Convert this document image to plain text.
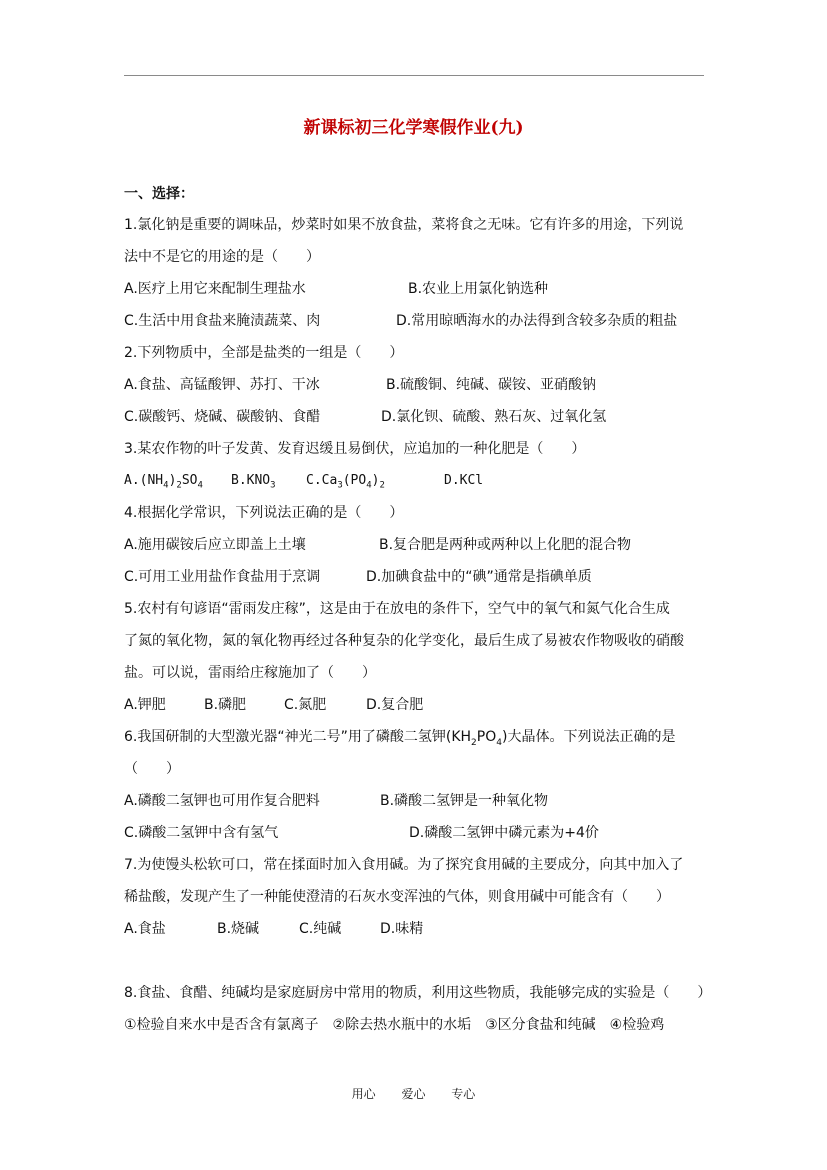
新课标初三化学寒假作业(九)
一、选择：
1.氯化钠是重要的调味品，炒菜时如果不放食盐，菜将食之无味。它有许多的用途，下列说
法中不是它的用途的是（　　）
A.医疗上用它来配制生理盐水	B.农业上用氯化钠选种
C.生活中用食盐来腌渍蔬菜、肉	D.常用晾晒海水的办法得到含较多杂质的粗盐
2.下列物质中，全部是盐类的一组是（　　）
A.食盐、高锰酸钾、苏打、干冰	B.硫酸铜、纯碱、碳铵、亚硝酸钠
C.碳酸钙、烧碱、碳酸钠、食醋	D.氯化钡、硫酸、熟石灰、过氧化氢
3.某农作物的叶子发黄、发育迟缓且易倒伏，应追加的一种化肥是（　　）
$A.(NH_4)_2SO_4$	$B.KNO_3$	$C.Ca_3(PO_4)_2$	D.KCl
4.根据化学常识，下列说法正确的是（　　）
A.施用碳铵后应立即盖上土壤	B.复合肥是两种或两种以上化肥的混合物
C.可用工业用盐作食盐用于烹调	D.加碘食盐中的“碘”通常是指碘单质
5.农村有句谚语“雷雨发庄稼”，这是由于在放电的条件下，空气中的氧气和氮气化合生成
了氮的氧化物，氮的氧化物再经过各种复杂的化学变化，最后生成了易被农作物吸收的硝酸
盐。可以说，雷雨给庄稼施加了（　　）
A.钾肥	B.磷肥	C.氮肥	D.复合肥
6.我国研制的大型激光器“神光二号”用了磷酸二氢钾$(KH_2PO_4)$大晶体。下列说法正确的是
（　　）
A.磷酸二氢钾也可用作复合肥料	B.磷酸二氢钾是一种氧化物
C.磷酸二氢钾中含有氢气	D.磷酸二氢钾中磷元素为+4价
7.为使馒头松软可口，常在揉面时加入食用碱。为了探究食用碱的主要成分，向其中加入了
稀盐酸，发现产生了一种能使澄清的石灰水变浑浊的气体，则食用碱中可能含有（　　）
A.食盐	B.烧碱	C.纯碱	D.味精
8.食盐、食醋、纯碱均是家庭厨房中常用的物质，利用这些物质，我能够完成的实验是（　　）
①检验自来水中是否含有氯离子　②除去热水瓶中的水垢　③区分食盐和纯碱　④检验鸡
用心 爱心 专心
